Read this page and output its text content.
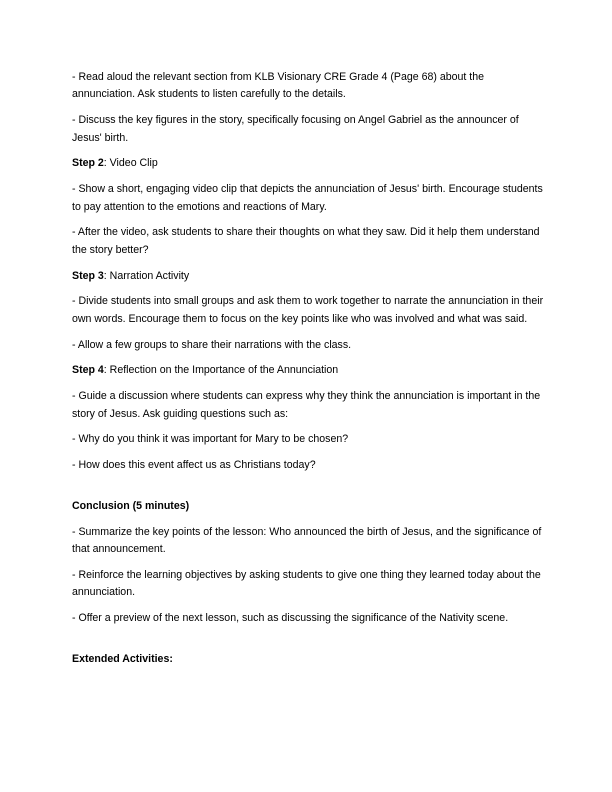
- Read aloud the relevant section from KLB Visionary CRE Grade 4 (Page 68) about the annunciation. Ask students to listen carefully to the details.

- Discuss the key figures in the story, specifically focusing on Angel Gabriel as the announcer of Jesus' birth.

Step 2: Video Clip

- Show a short, engaging video clip that depicts the annunciation of Jesus' birth. Encourage students to pay attention to the emotions and reactions of Mary.

- After the video, ask students to share their thoughts on what they saw. Did it help them understand the story better?

Step 3: Narration Activity

- Divide students into small groups and ask them to work together to narrate the annunciation in their own words. Encourage them to focus on the key points like who was involved and what was said.

- Allow a few groups to share their narrations with the class.

Step 4: Reflection on the Importance of the Annunciation

- Guide a discussion where students can express why they think the annunciation is important in the story of Jesus. Ask guiding questions such as:

- Why do you think it was important for Mary to be chosen?

- How does this event affect us as Christians today?

Conclusion (5 minutes)

- Summarize the key points of the lesson: Who announced the birth of Jesus, and the significance of that announcement.

- Reinforce the learning objectives by asking students to give one thing they learned today about the annunciation.

- Offer a preview of the next lesson, such as discussing the significance of the Nativity scene.

Extended Activities:
